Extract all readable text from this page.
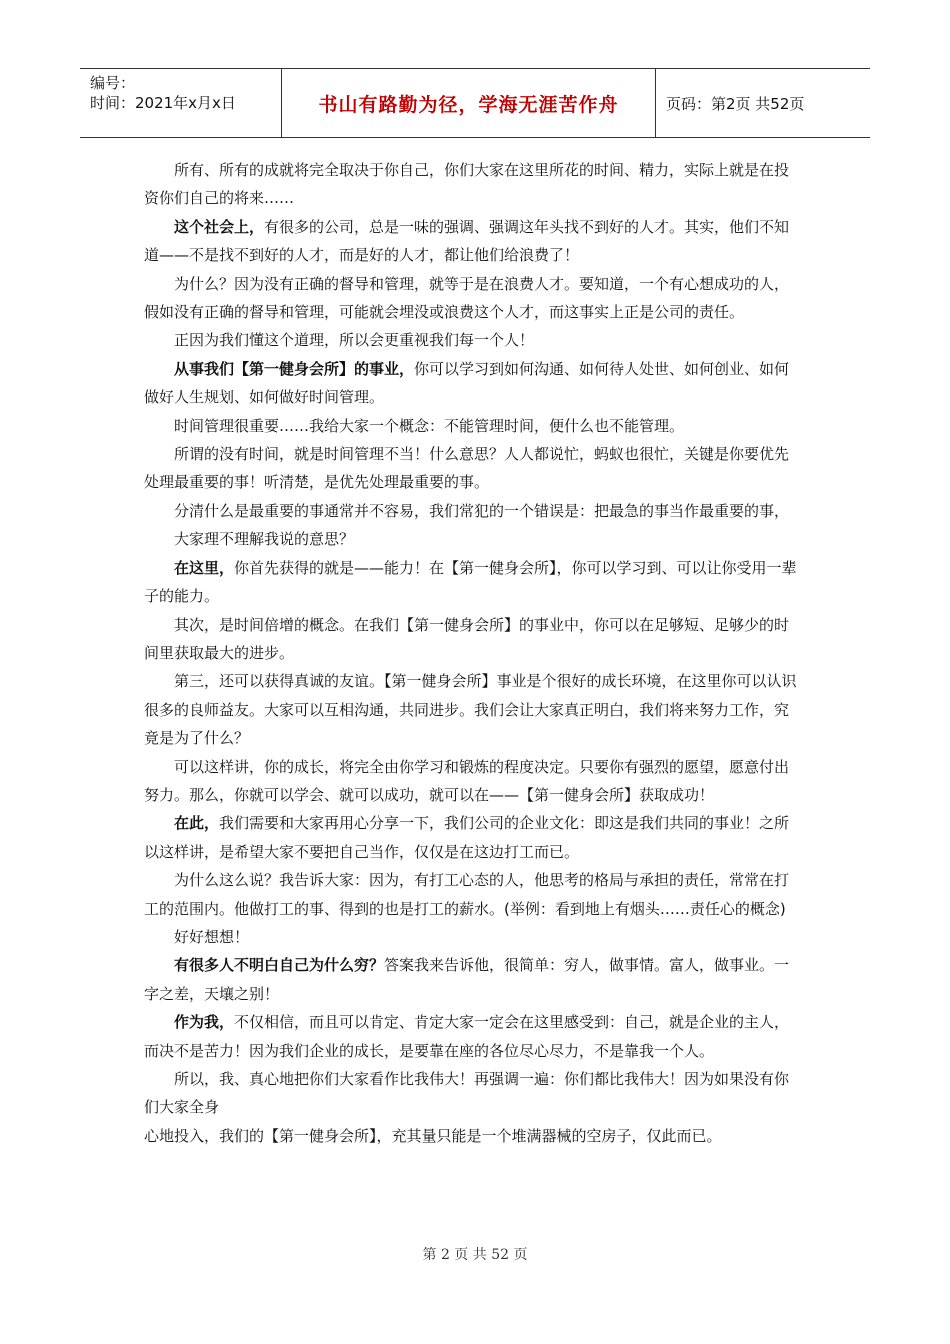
编号：
时间：2021年x月x日	书山有路勤为径，学海无涯苦作舟	页码：第2页 共52页

所有、所有的成就将完全取决于你自己，你们大家在这里所花的时间、精力，实际上就是在投资你们自己的将来……

这个社会上，有很多的公司，总是一味的强调、强调这年头找不到好的人才。其实，他们不知道——不是找不到好的人才，而是好的人才，都让他们给浪费了！

为什么？因为没有正确的督导和管理，就等于是在浪费人才。要知道，一个有心想成功的人，假如没有正确的督导和管理，可能就会埋没或浪费这个人才，而这事实上正是公司的责任。

正因为我们懂这个道理，所以会更重视我们每一个人！

从事我们【第一健身会所】的事业，你可以学习到如何沟通、如何待人处世、如何创业、如何做好人生规划、如何做好时间管理。

时间管理很重要……我给大家一个概念：不能管理时间，便什么也不能管理。

所谓的没有时间，就是时间管理不当！什么意思？人人都说忙，蚂蚁也很忙，关键是你要优先处理最重要的事！听清楚，是优先处理最重要的事。

分清什么是最重要的事通常并不容易，我们常犯的一个错误是：把最急的事当作最重要的事，

大家理不理解我说的意思？

在这里，你首先获得的就是——能力！在【第一健身会所】，你可以学习到、可以让你受用一辈子的能力。

其次，是时间倍增的概念。在我们【第一健身会所】的事业中，你可以在足够短、足够少的时间里获取最大的进步。

第三，还可以获得真诚的友谊。【第一健身会所】事业是个很好的成长环境，在这里你可以认识很多的良师益友。大家可以互相沟通，共同进步。我们会让大家真正明白，我们将来努力工作，究竟是为了什么？

可以这样讲，你的成长，将完全由你学习和锻炼的程度决定。只要你有强烈的愿望，愿意付出努力。那么，你就可以学会、就可以成功，就可以在——【第一健身会所】获取成功！

在此，我们需要和大家再用心分享一下，我们公司的企业文化：即这是我们共同的事业！之所以这样讲，是希望大家不要把自己当作，仅仅是在这边打工而已。

为什么这么说？我告诉大家：因为，有打工心态的人，他思考的格局与承担的责任，常常在打工的范围内。他做打工的事、得到的也是打工的薪水。(举例：看到地上有烟头……责任心的概念)

好好想想！

有很多人不明白自己为什么穷？答案我来告诉他，很简单：穷人，做事情。富人，做事业。一字之差，天壤之别！

作为我，不仅相信，而且可以肯定、肯定大家一定会在这里感受到：自己，就是企业的主人，而决不是苦力！因为我们企业的成长，是要靠在座的各位尽心尽力，不是靠我一个人。

所以，我、真心地把你们大家看作比我伟大！再强调一遍：你们都比我伟大！因为如果没有你们大家全身

心地投入，我们的【第一健身会所】，充其量只能是一个堆满器械的空房子，仅此而已。

第 2 页 共 52 页
